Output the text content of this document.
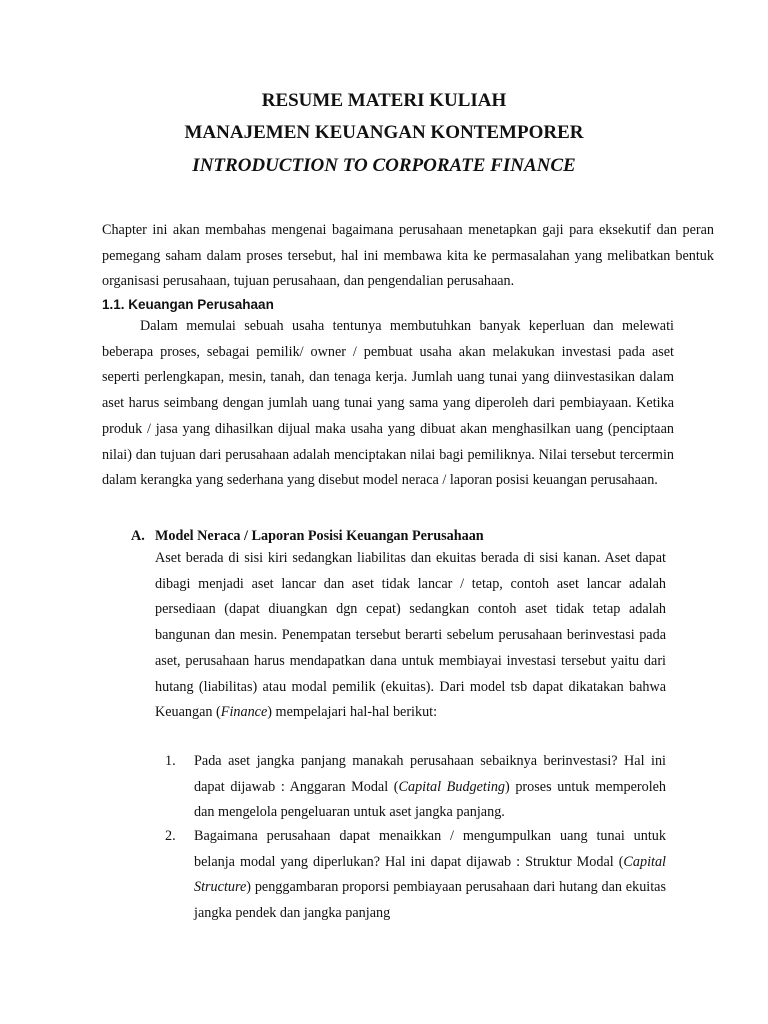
RESUME MATERI KULIAH
MANAJEMEN KEUANGAN KONTEMPORER
INTRODUCTION TO CORPORATE FINANCE

Chapter ini akan membahas mengenai bagaimana perusahaan menetapkan gaji para eksekutif dan peran pemegang saham dalam proses tersebut, hal ini membawa kita ke permasalahan yang melibatkan bentuk organisasi perusahaan, tujuan perusahaan, dan pengendalian perusahaan.

1.1. Keuangan Perusahaan

Dalam memulai sebuah usaha tentunya membutuhkan banyak keperluan dan melewati beberapa proses, sebagai pemilik/ owner / pembuat usaha akan melakukan investasi pada aset seperti perlengkapan, mesin, tanah, dan tenaga kerja. Jumlah uang tunai yang diinvestasikan dalam aset harus seimbang dengan jumlah uang tunai yang sama yang diperoleh dari pembiayaan. Ketika produk / jasa yang dihasilkan dijual maka usaha yang dibuat akan menghasilkan uang (penciptaan nilai) dan tujuan dari perusahaan adalah menciptakan nilai bagi pemiliknya. Nilai tersebut tercermin dalam kerangka yang sederhana yang disebut model neraca / laporan posisi keuangan perusahaan.

A. Model Neraca / Laporan Posisi Keuangan Perusahaan

Aset berada di sisi kiri sedangkan liabilitas dan ekuitas berada di sisi kanan. Aset dapat dibagi menjadi aset lancar dan aset tidak lancar / tetap, contoh aset lancar adalah persediaan (dapat diuangkan dgn cepat) sedangkan contoh aset tidak tetap adalah bangunan dan mesin. Penempatan tersebut berarti sebelum perusahaan berinvestasi pada aset, perusahaan harus mendapatkan dana untuk membiayai investasi tersebut yaitu dari hutang (liabilitas) atau modal pemilik (ekuitas). Dari model tsb dapat dikatakan bahwa Keuangan (Finance) mempelajari hal-hal berikut:

1. Pada aset jangka panjang manakah perusahaan sebaiknya berinvestasi? Hal ini dapat dijawab : Anggaran Modal (Capital Budgeting) proses untuk memperoleh dan mengelola pengeluaran untuk aset jangka panjang.

2. Bagaimana perusahaan dapat menaikkan / mengumpulkan uang tunai untuk belanja modal yang diperlukan? Hal ini dapat dijawab : Struktur Modal (Capital Structure) penggambaran proporsi pembiayaan perusahaan dari hutang dan ekuitas jangka pendek dan jangka panjang
